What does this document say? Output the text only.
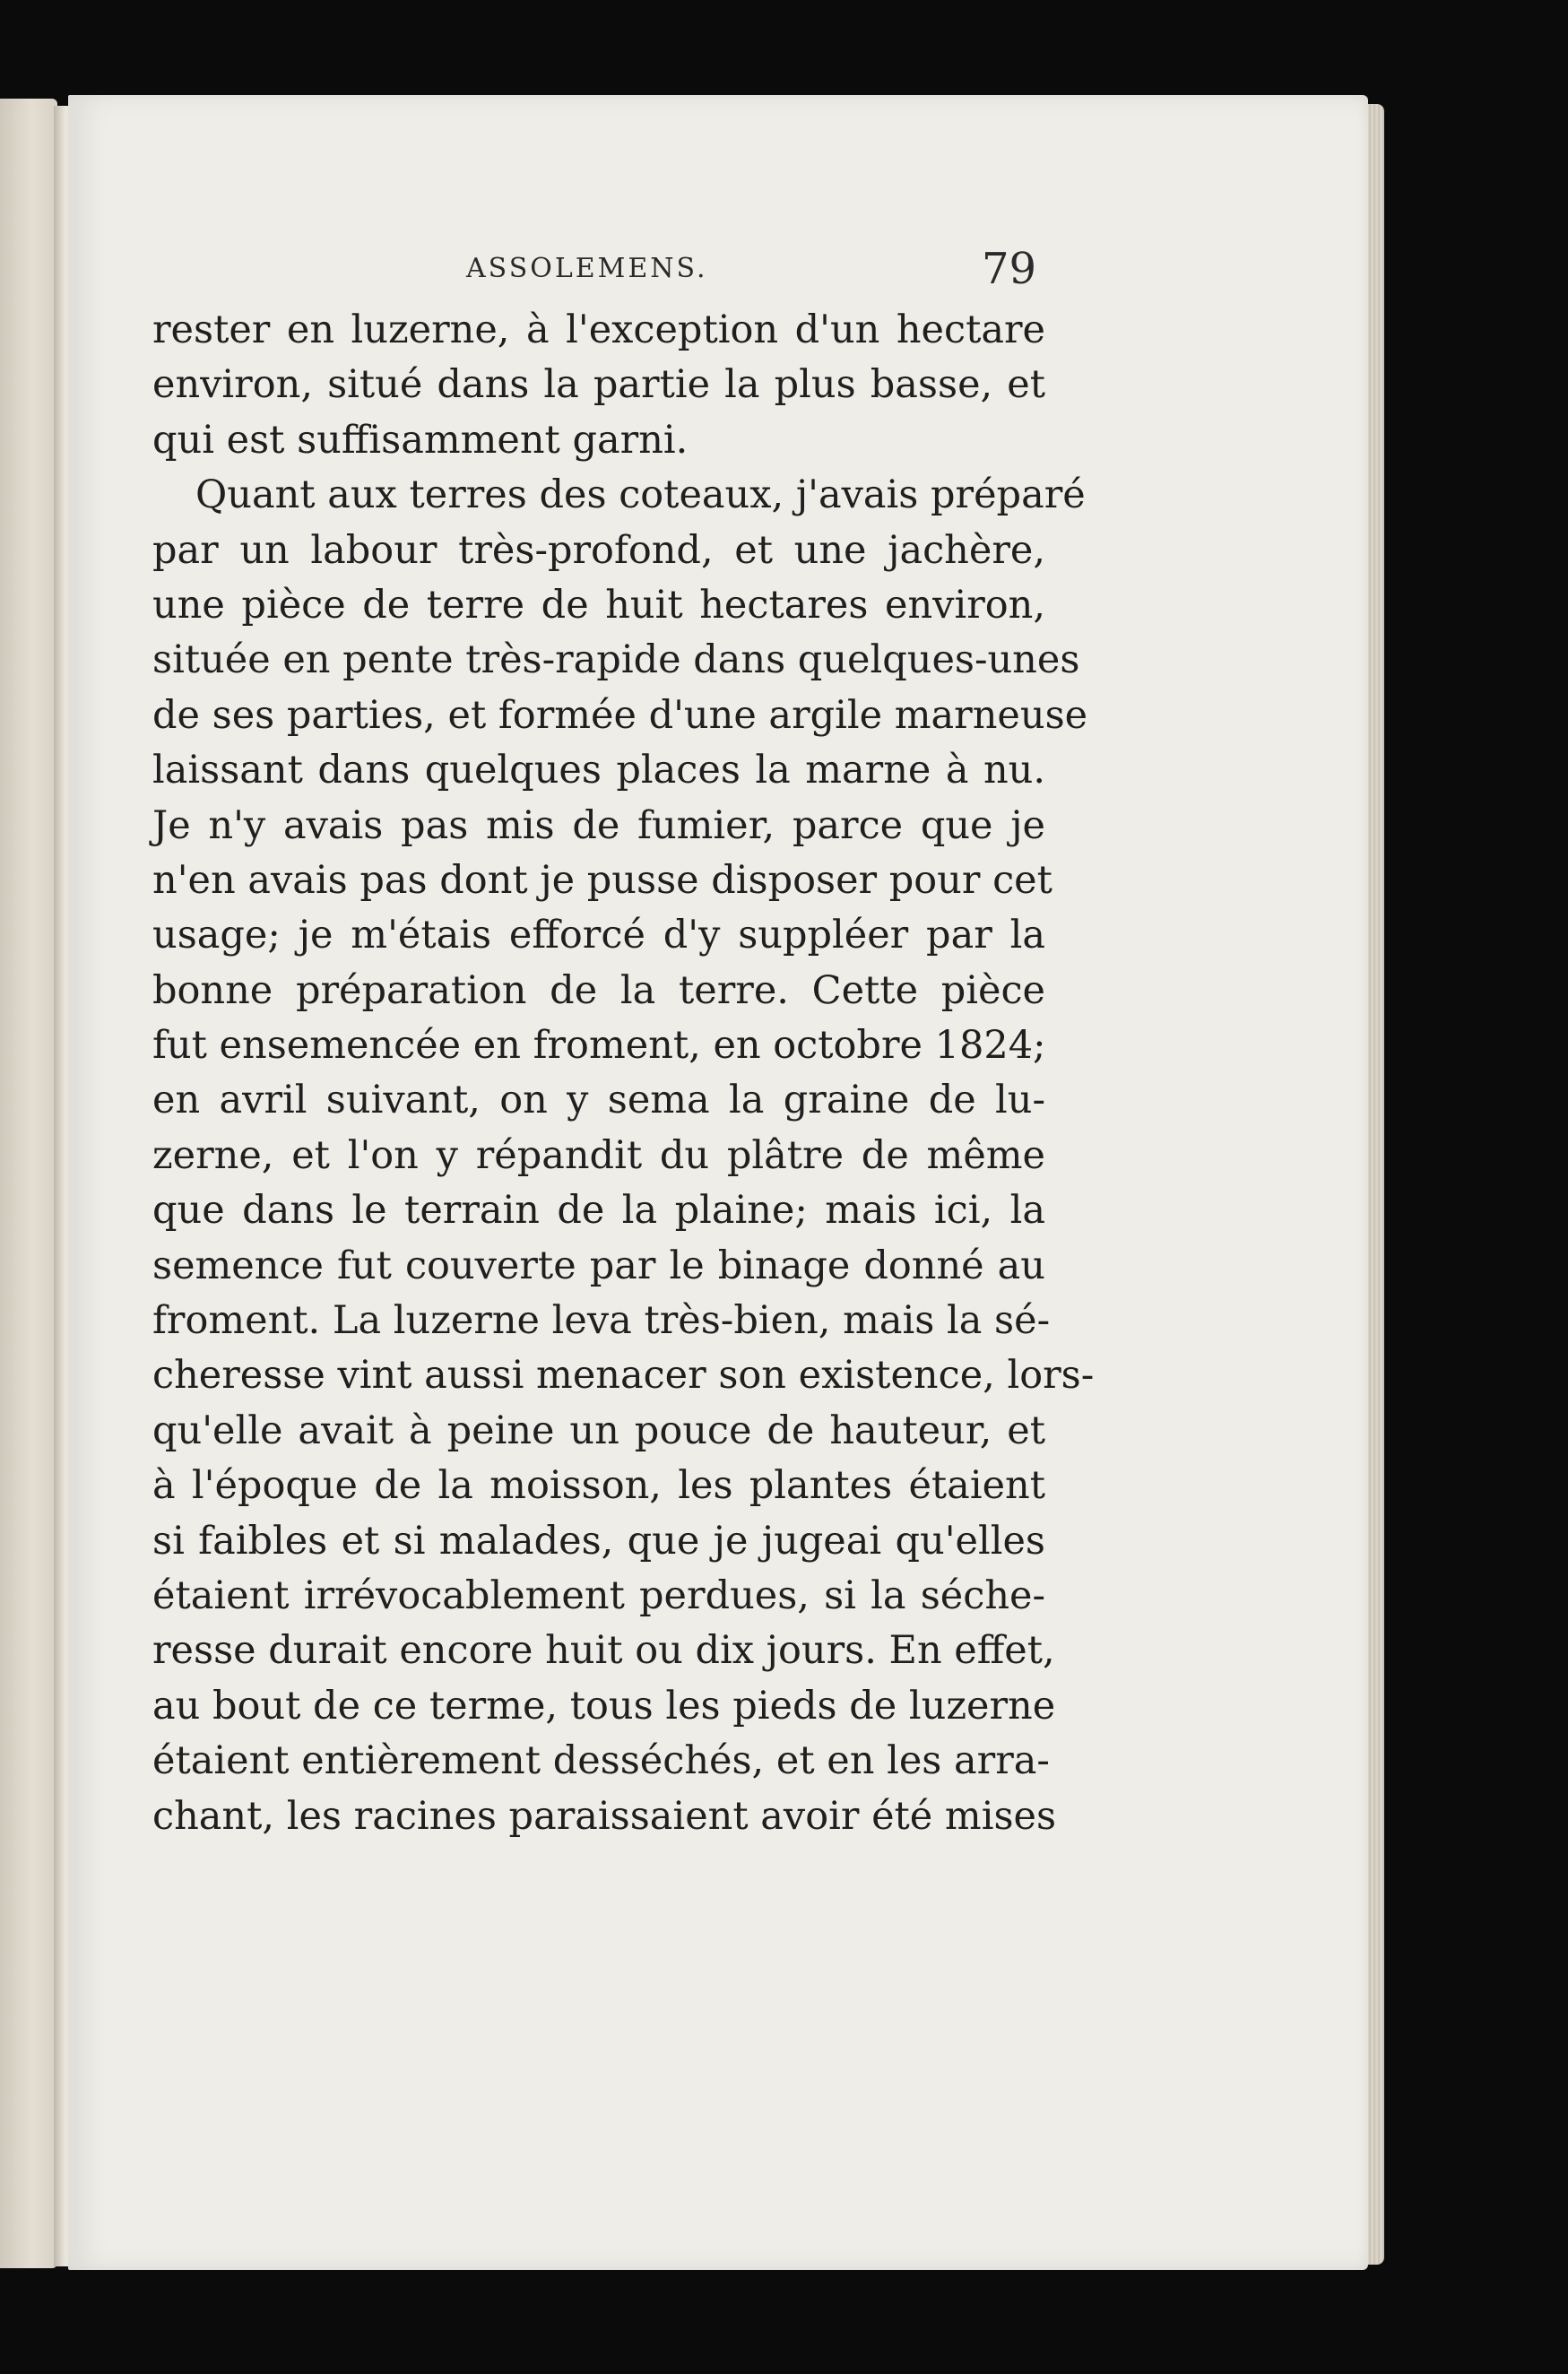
ASSOLEMENS.	79
rester en luzerne, à l'exception d'un hectare
environ, situé dans la partie la plus basse, et
qui est suffisamment garni.
Quant aux terres des coteaux, j'avais préparé
par un labour très-profond, et une jachère,
une pièce de terre de huit hectares environ,
située en pente très-rapide dans quelques-unes
de ses parties, et formée d'une argile marneuse
laissant dans quelques places la marne à nu.
Je n'y avais pas mis de fumier, parce que je
n'en avais pas dont je pusse disposer pour cet
usage; je m'étais efforcé d'y suppléer par la
bonne préparation de la terre. Cette pièce
fut ensemencée en froment, en octobre 1824;
en avril suivant, on y sema la graine de lu-
zerne, et l'on y répandit du plâtre de même
que dans le terrain de la plaine; mais ici, la
semence fut couverte par le binage donné au
froment. La luzerne leva très-bien, mais la sé-
cheresse vint aussi menacer son existence, lors-
qu'elle avait à peine un pouce de hauteur, et
à l'époque de la moisson, les plantes étaient
si faibles et si malades, que je jugeai qu'elles
étaient irrévocablement perdues, si la séche-
resse durait encore huit ou dix jours. En effet,
au bout de ce terme, tous les pieds de luzerne
étaient entièrement desséchés, et en les arra-
chant, les racines paraissaient avoir été mises
